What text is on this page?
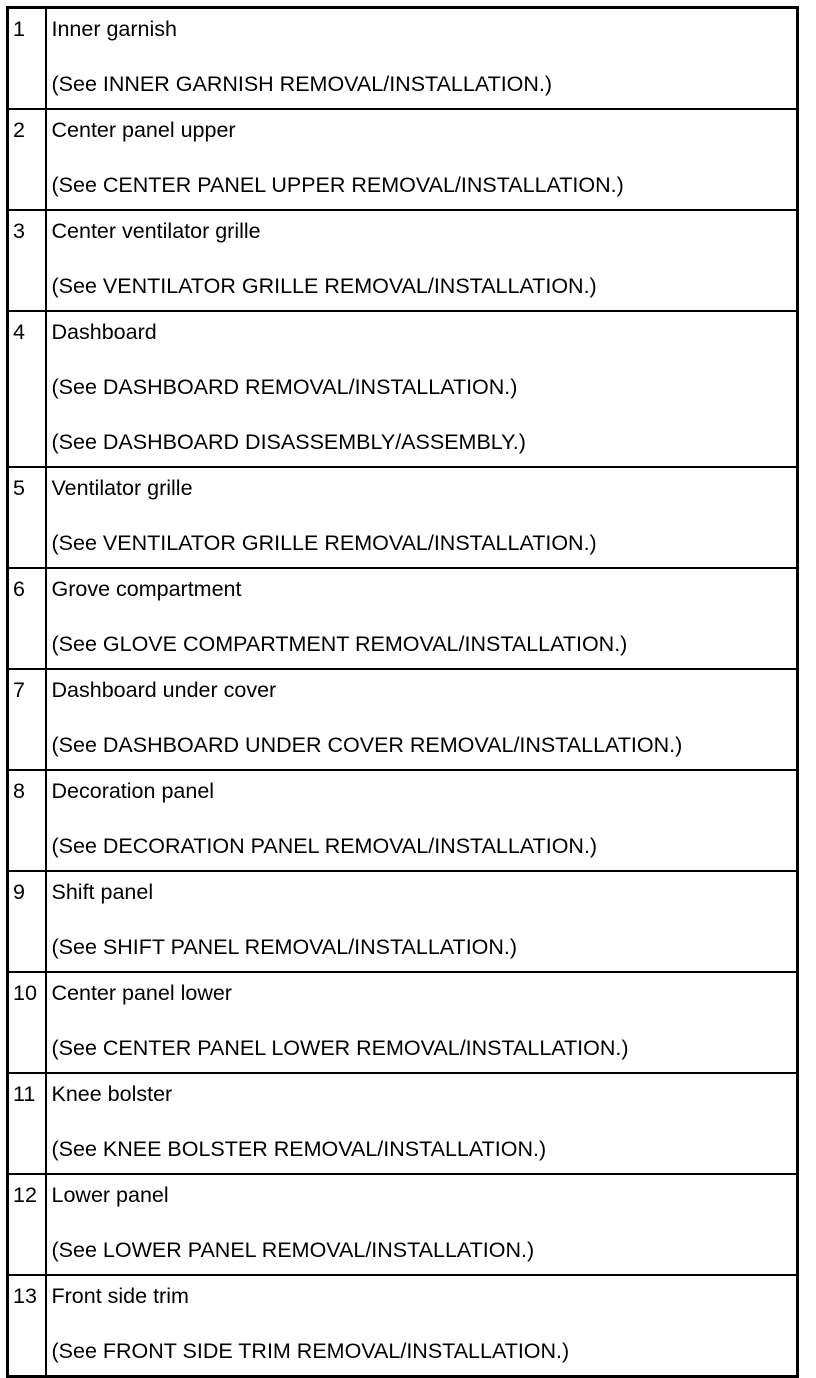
1	Inner garnish
(See INNER GARNISH REMOVAL/INSTALLATION.)

2	Center panel upper
(See CENTER PANEL UPPER REMOVAL/INSTALLATION.)

3	Center ventilator grille
(See VENTILATOR GRILLE REMOVAL/INSTALLATION.)

4	Dashboard
(See DASHBOARD REMOVAL/INSTALLATION.)
(See DASHBOARD DISASSEMBLY/ASSEMBLY.)

5	Ventilator grille
(See VENTILATOR GRILLE REMOVAL/INSTALLATION.)

6	Grove compartment
(See GLOVE COMPARTMENT REMOVAL/INSTALLATION.)

7	Dashboard under cover
(See DASHBOARD UNDER COVER REMOVAL/INSTALLATION.)

8	Decoration panel
(See DECORATION PANEL REMOVAL/INSTALLATION.)

9	Shift panel
(See SHIFT PANEL REMOVAL/INSTALLATION.)

10	Center panel lower
(See CENTER PANEL LOWER REMOVAL/INSTALLATION.)

11	Knee bolster
(See KNEE BOLSTER REMOVAL/INSTALLATION.)

12	Lower panel
(See LOWER PANEL REMOVAL/INSTALLATION.)

13	Front side trim
(See FRONT SIDE TRIM REMOVAL/INSTALLATION.)
